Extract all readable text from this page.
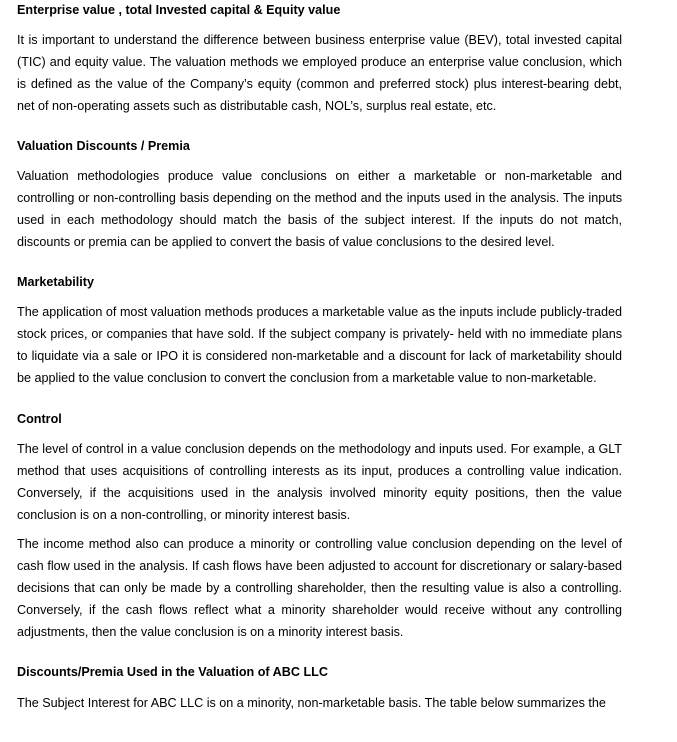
Enterprise value , total Invested capital & Equity value

It is important to understand the difference between business enterprise value (BEV), total invested capital (TIC) and equity value. The valuation methods we employed produce an enterprise value conclusion, which is defined as the value of the Company’s equity (common and preferred stock) plus interest-bearing debt, net of non-operating assets such as distributable cash, NOL’s, surplus real estate, etc.

Valuation Discounts / Premia

Valuation methodologies produce value conclusions on either a marketable or non-marketable and controlling or non-controlling basis depending on the method and the inputs used in the analysis. The inputs used in each methodology should match the basis of the subject interest. If the inputs do not match, discounts or premia can be applied to convert the basis of value conclusions to the desired level.

Marketability

The application of most valuation methods produces a marketable value as the inputs include publicly-traded stock prices, or companies that have sold. If the subject company is privately- held with no immediate plans to liquidate via a sale or IPO it is considered non-marketable and a discount for lack of marketability should be applied to the value conclusion to convert the conclusion from a marketable value to non-marketable.

Control

The level of control in a value conclusion depends on the methodology and inputs used. For example, a GLT method that uses acquisitions of controlling interests as its input, produces a controlling value indication. Conversely, if the acquisitions used in the analysis involved minority equity positions, then the value conclusion is on a non-controlling, or minority interest basis.

The income method also can produce a minority or controlling value conclusion depending on the level of cash flow used in the analysis. If cash flows have been adjusted to account for discretionary or salary-based decisions that can only be made by a controlling shareholder, then the resulting value is also a controlling. Conversely, if the cash flows reflect what a minority shareholder would receive without any controlling adjustments, then the value conclusion is on a minority interest basis.

Discounts/Premia Used in the Valuation of ABC LLC

The Subject Interest for ABC LLC is on a minority, non-marketable basis. The table below summarizes the
